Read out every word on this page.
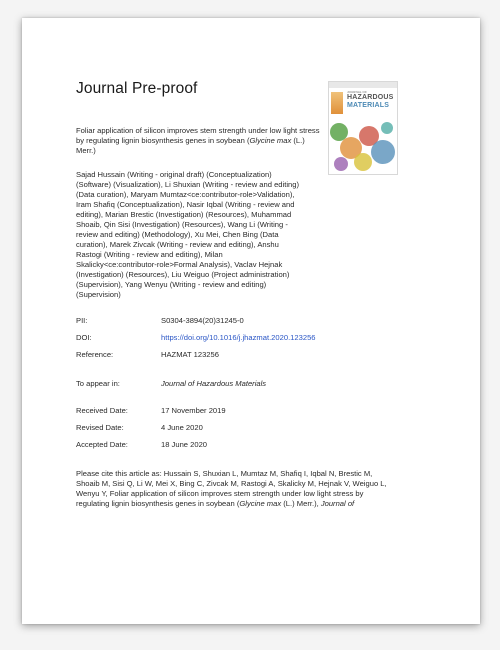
Journal Pre-proof	JOURNAL OF
HAZARDOUS
MATERIALS
Foliar application of silicon improves stem strength under low light stress
by regulating lignin biosynthesis genes in soybean (Glycine max (L.)
Merr.)
Sajad Hussain (Writing - original draft) (Conceptualization)
(Software) (Visualization), Li Shuxian (Writing - review and editing)
(Data curation), Maryam Mumtaz<ce:contributor-role>Validation),
Iram Shafiq (Conceptualization), Nasir Iqbal (Writing - review and
editing), Marian Brestic (Investigation) (Resources), Muhammad
Shoaib, Qin Sisi (Investigation) (Resources), Wang Li (Writing -
review and editing) (Methodology), Xu Mei, Chen Bing (Data
curation), Marek Zivcak (Writing - review and editing), Anshu
Rastogi (Writing - review and editing), Milan
Skalicky<ce:contributor-role>Formal Analysis), Vaclav Hejnak
(Investigation) (Resources), Liu Weiguo (Project administration)
(Supervision), Yang Wenyu (Writing - review and editing)
(Supervision)
PII:	S0304-3894(20)31245-0
DOI:	https://doi.org/10.1016/j.jhazmat.2020.123256
Reference:	HAZMAT 123256
To appear in:	Journal of Hazardous Materials
Received Date:	17 November 2019
Revised Date:	4 June 2020
Accepted Date:	18 June 2020
Please cite this article as: Hussain S, Shuxian L, Mumtaz M, Shafiq I, Iqbal N, Brestic M,
Shoaib M, Sisi Q, Li W, Mei X, Bing C, Zivcak M, Rastogi A, Skalicky M, Hejnak V, Weiguo L,
Wenyu Y, Foliar application of silicon improves stem strength under low light stress by
regulating lignin biosynthesis genes in soybean (Glycine max (L.) Merr.), Journal of
